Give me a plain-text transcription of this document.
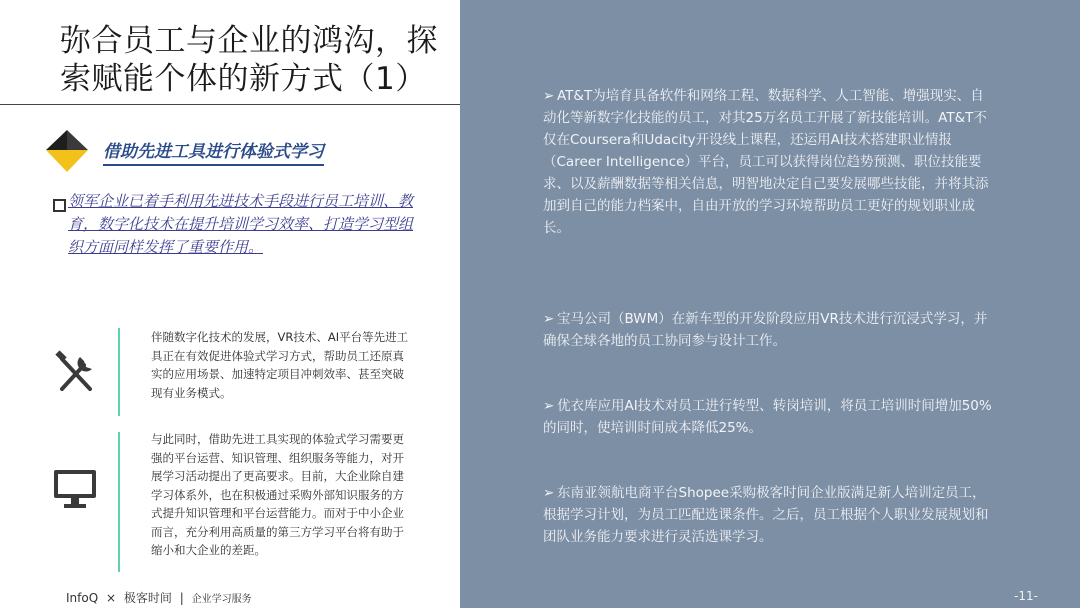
弥合员工与企业的鸿沟，探索赋能个体的新方式（1）
借助先进工具进行体验式学习
领军企业已着手利用先进技术手段进行员工培训、教育，数字化技术在提升培训学习效率、打造学习型组织方面同样发挥了重要作用。
伴随数字化技术的发展，VR技术、AI平台等先进工具正在有效促进体验式学习方式，帮助员工还原真实的应用场景、加速特定项目冲刺效率、甚至突破现有业务模式。
与此同时，借助先进工具实现的体验式学习需要更强的平台运营、知识管理、组织服务等能力，对开展学习活动提出了更高要求。目前，大企业除自建学习体系外，也在积极通过采购外部知识服务的方式提升知识管理和平台运营能力。而对于中小企业而言，充分利用高质量的第三方学习平台将有助于缩小和大企业的差距。
InfoQ × 极客时间 | 企业学习服务
➢ AT&T为培育具备软件和网络工程、数据科学、人工智能、增强现实、自动化等新数字化技能的员工，对其25万名员工开展了新技能培训。AT&T不仅在Coursera和Udacity开设线上课程，还运用AI技术搭建职业情报（Career Intelligence）平台，员工可以获得岗位趋势预测、职位技能要求、以及薪酬数据等相关信息，明智地决定自己要发展哪些技能，并将其添加到自己的能力档案中，自由开放的学习环境帮助员工更好的规划职业成长。
➢ 宝马公司（BWM）在新车型的开发阶段应用VR技术进行沉浸式学习，并确保全球各地的员工协同参与设计工作。
➢ 优衣库应用AI技术对员工进行转型、转岗培训，将员工培训时间增加50%的同时，使培训时间成本降低25%。
➢ 东南亚领航电商平台Shopee采购极客时间企业版满足新人培训定员工，根据学习计划，为员工匹配选课条件。之后，员工根据个人职业发展规划和团队业务能力要求进行灵活选课学习。
-11-
